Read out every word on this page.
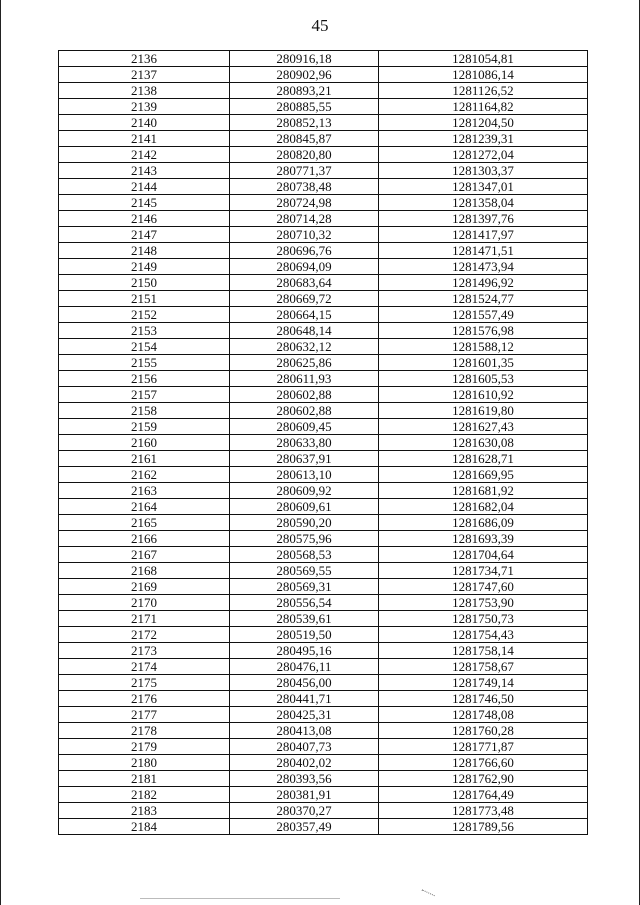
45
2136	280916,18	1281054,81
2137	280902,96	1281086,14
2138	280893,21	1281126,52
2139	280885,55	1281164,82
2140	280852,13	1281204,50
2141	280845,87	1281239,31
2142	280820,80	1281272,04
2143	280771,37	1281303,37
2144	280738,48	1281347,01
2145	280724,98	1281358,04
2146	280714,28	1281397,76
2147	280710,32	1281417,97
2148	280696,76	1281471,51
2149	280694,09	1281473,94
2150	280683,64	1281496,92
2151	280669,72	1281524,77
2152	280664,15	1281557,49
2153	280648,14	1281576,98
2154	280632,12	1281588,12
2155	280625,86	1281601,35
2156	280611,93	1281605,53
2157	280602,88	1281610,92
2158	280602,88	1281619,80
2159	280609,45	1281627,43
2160	280633,80	1281630,08
2161	280637,91	1281628,71
2162	280613,10	1281669,95
2163	280609,92	1281681,92
2164	280609,61	1281682,04
2165	280590,20	1281686,09
2166	280575,96	1281693,39
2167	280568,53	1281704,64
2168	280569,55	1281734,71
2169	280569,31	1281747,60
2170	280556,54	1281753,90
2171	280539,61	1281750,73
2172	280519,50	1281754,43
2173	280495,16	1281758,14
2174	280476,11	1281758,67
2175	280456,00	1281749,14
2176	280441,71	1281746,50
2177	280425,31	1281748,08
2178	280413,08	1281760,28
2179	280407,73	1281771,87
2180	280402,02	1281766,60
2181	280393,56	1281762,90
2182	280381,91	1281764,49
2183	280370,27	1281773,48
2184	280357,49	1281789,56
